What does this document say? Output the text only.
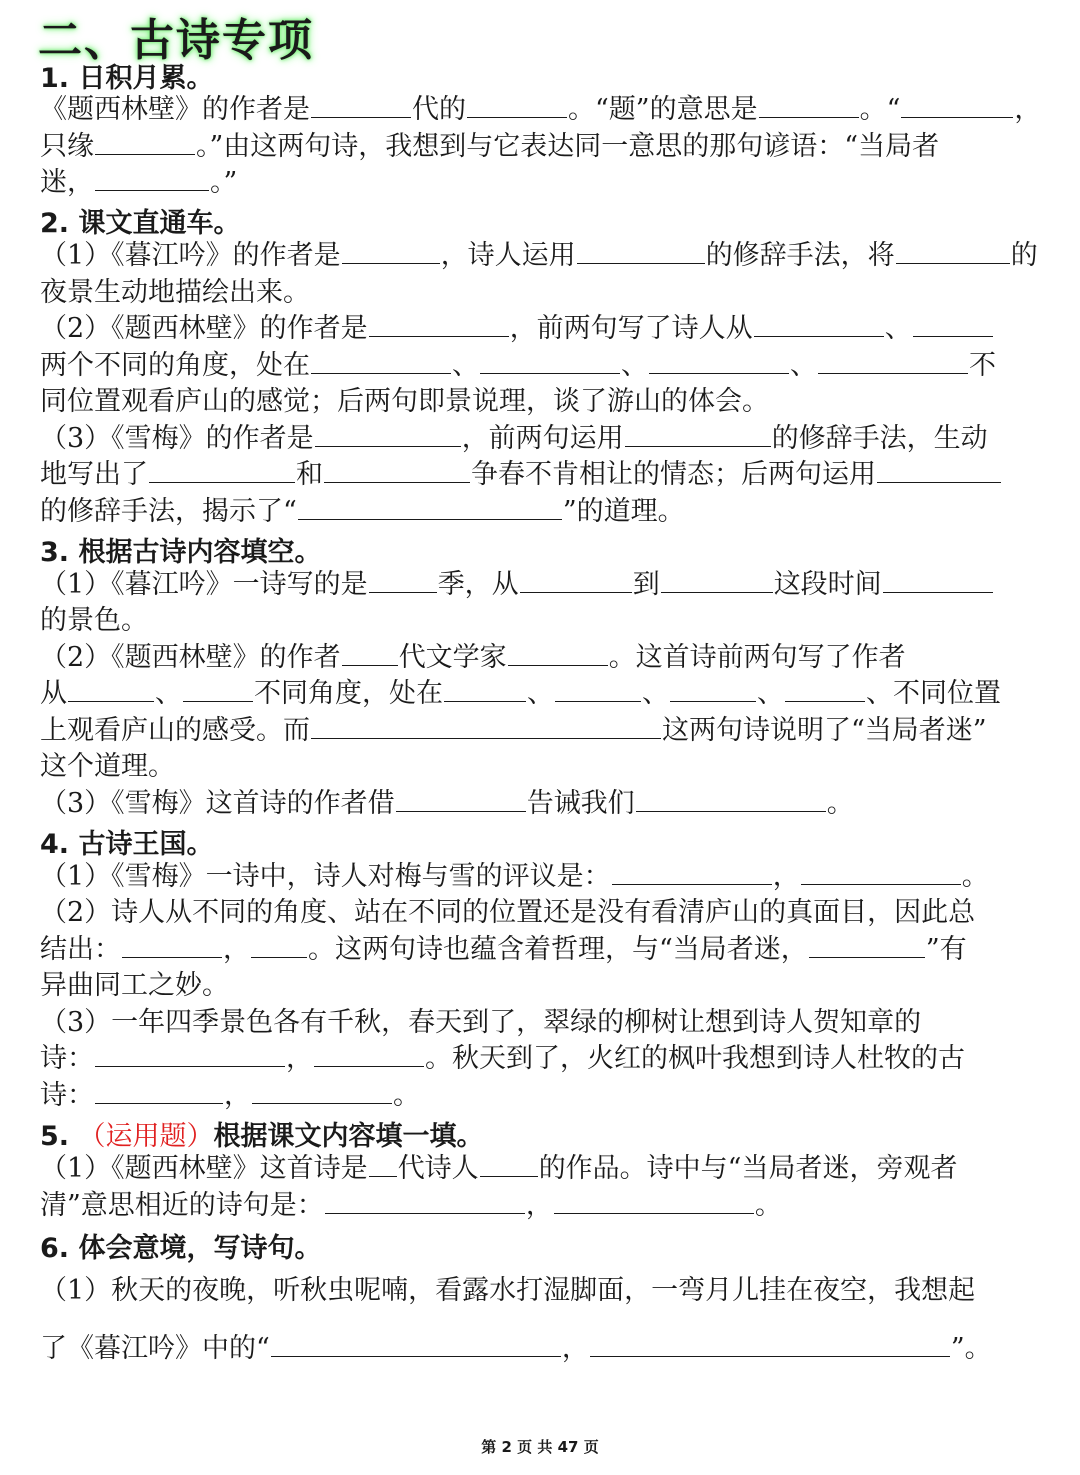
二、古诗专项
1. 日积月累。
《题西林壁》的作者是	代的	。“题”的意思是	。“	，
只缘	。”由这两句诗，我想到与它表达同一意思的那句谚语：“当局者
迷，	。”
2. 课文直通车。
（1）《暮江吟》的作者是	，诗人运用	的修辞手法，将	的
夜景生动地描绘出来。
（2）《题西林壁》的作者是	，前两句写了诗人从	、
两个不同的角度，处在	、	、	、	不
同位置观看庐山的感觉；后两句即景说理，谈了游山的体会。
（3）《雪梅》的作者是	，前两句运用	的修辞手法，生动
地写出了	和	争春不肯相让的情态；后两句运用
的修辞手法，揭示了“	”的道理。
3. 根据古诗内容填空。
（1）《暮江吟》一诗写的是	季，从	到	这段时间
的景色。
（2）《题西林壁》的作者 代文学家	。这首诗前两句写了作者
从	、	不同角度，处在	、	、	、	、不同位置
上观看庐山的感受。而	这两句诗说明了“当局者迷”
这个道理。
（3）《雪梅》这首诗的作者借	告诫我们	。
4. 古诗王国。
（1）《雪梅》一诗中，诗人对梅与雪的评议是：	，	。
（2）诗人从不同的角度、站在不同的位置还是没有看清庐山的真面目，因此总
结出：	， 。这两句诗也蕴含着哲理，与“当局者迷，	”有
异曲同工之妙。
（3）一年四季景色各有千秋，春天到了，翠绿的柳树让想到诗人贺知章的
诗：	，	。秋天到了，火红的枫叶我想到诗人杜牧的古
诗：	，	。
5. （运用题）根据课文内容填一填。
（1）《题西林壁》这首诗是 代诗人 的作品。诗中与“当局者迷，旁观者
清”意思相近的诗句是：	，	。
6. 体会意境，写诗句。
（1）秋天的夜晚，听秋虫呢喃，看露水打湿脚面，一弯月儿挂在夜空，我想起
了《暮江吟》中的“	，	”。
第 2 页 共 47 页
